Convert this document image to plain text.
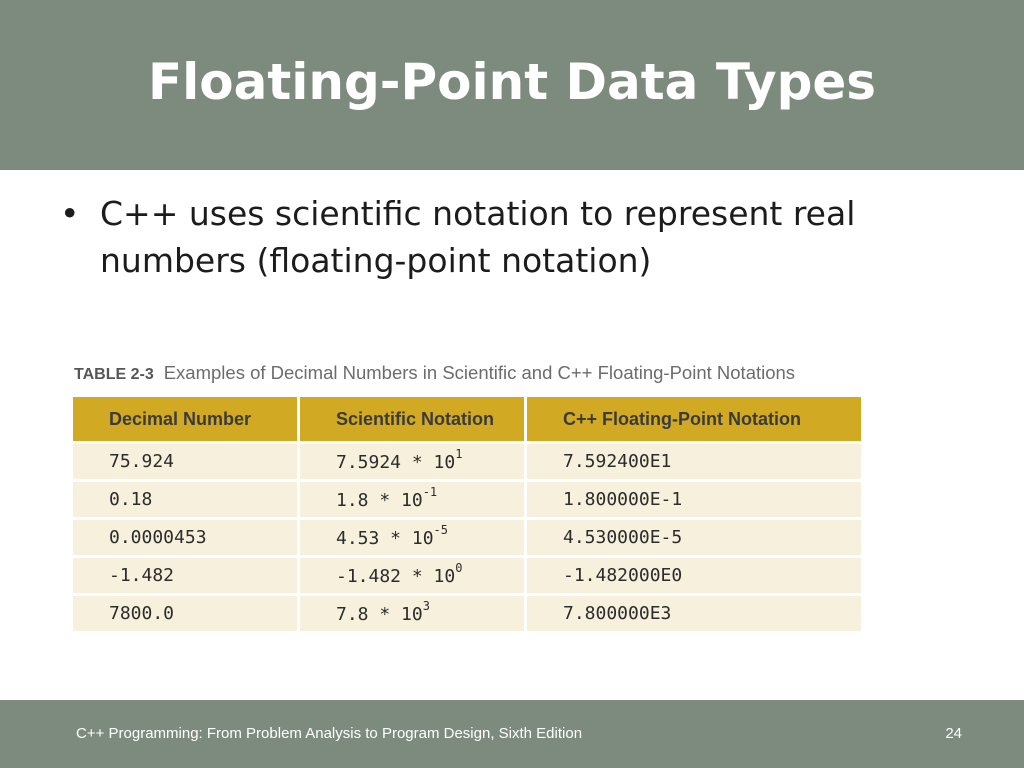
Floating-Point Data Types
• C++ uses scientific notation to represent real numbers (floating-point notation)
TABLE 2-3 Examples of Decimal Numbers in Scientific and C++ Floating-Point Notations
Decimal Number	Scientific Notation	C++ Floating-Point Notation
75.924	$7.5924 * 10^1$	7.592400E1
0.18	$1.8 * 10^{-1}$	1.800000E-1
0.0000453	$4.53 * 10^{-5}$	4.530000E-5
-1.482	$-1.482 * 10^0$	-1.482000E0
7800.0	$7.8 * 10^3$	7.800000E3
C++ Programming: From Problem Analysis to Program Design, Sixth Edition	24
